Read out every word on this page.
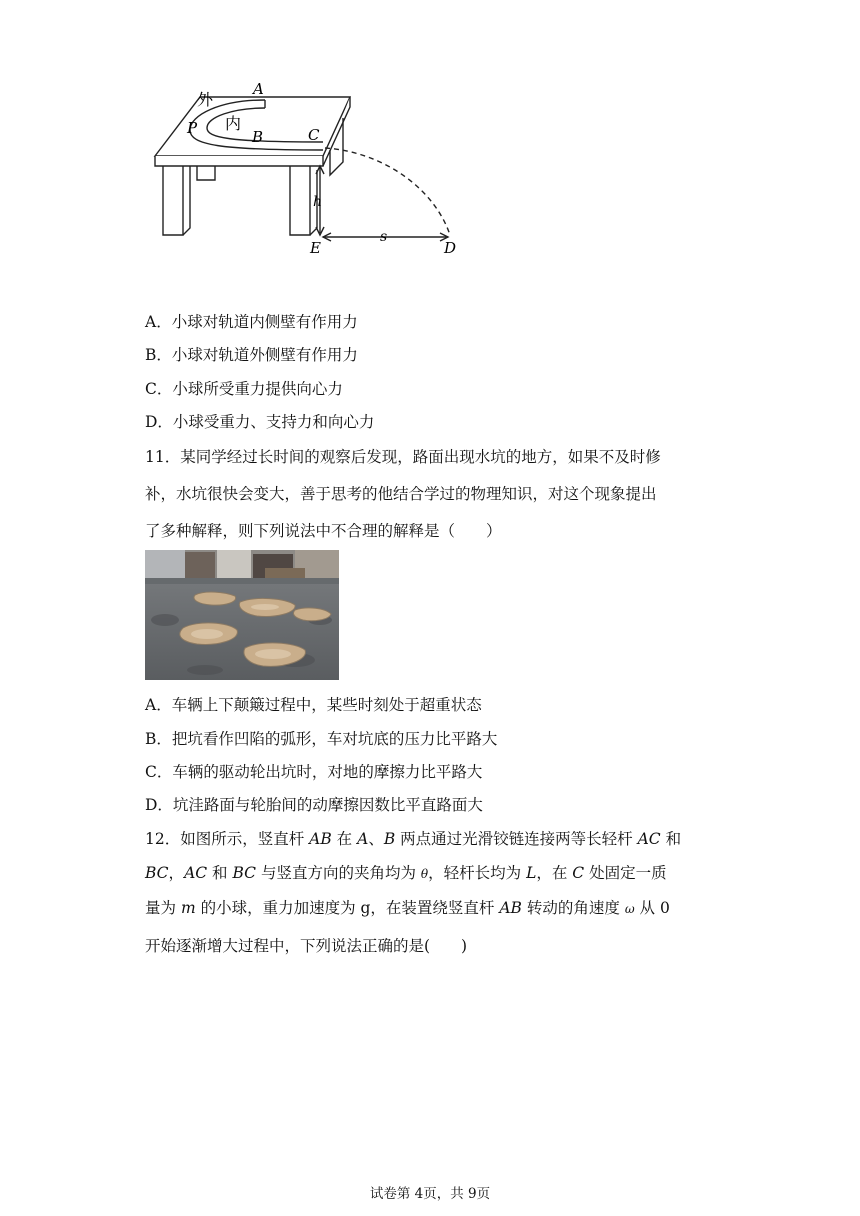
A
外
P 内
B	C
h
E
s
D
A．小球对轨道内侧壁有作用力
B．小球对轨道外侧壁有作用力
C．小球所受重力提供向心力
D．小球受重力、支持力和向心力
11．某同学经过长时间的观察后发现，路面出现水坑的地方，如果不及时修
补，水坑很快会变大，善于思考的他结合学过的物理知识，对这个现象提出
了多种解释，则下列说法中不合理的解释是（　　）
A．车辆上下颠簸过程中，某些时刻处于超重状态
B．把坑看作凹陷的弧形，车对坑底的压力比平路大
C．车辆的驱动轮出坑时，对地的摩擦力比平路大
D．坑洼路面与轮胎间的动摩擦因数比平直路面大
12．如图所示，竖直杆 AB 在 A、B 两点通过光滑铰链连接两等长轻杆 AC 和
BC，AC 和 BC 与竖直方向的夹角均为 θ，轻杆长均为 L，在 C 处固定一质
量为 m 的小球，重力加速度为 g，在装置绕竖直杆 AB 转动的角速度 ω 从 0
开始逐渐增大过程中，下列说法正确的是(　　)
试卷第 4页，共 9页
